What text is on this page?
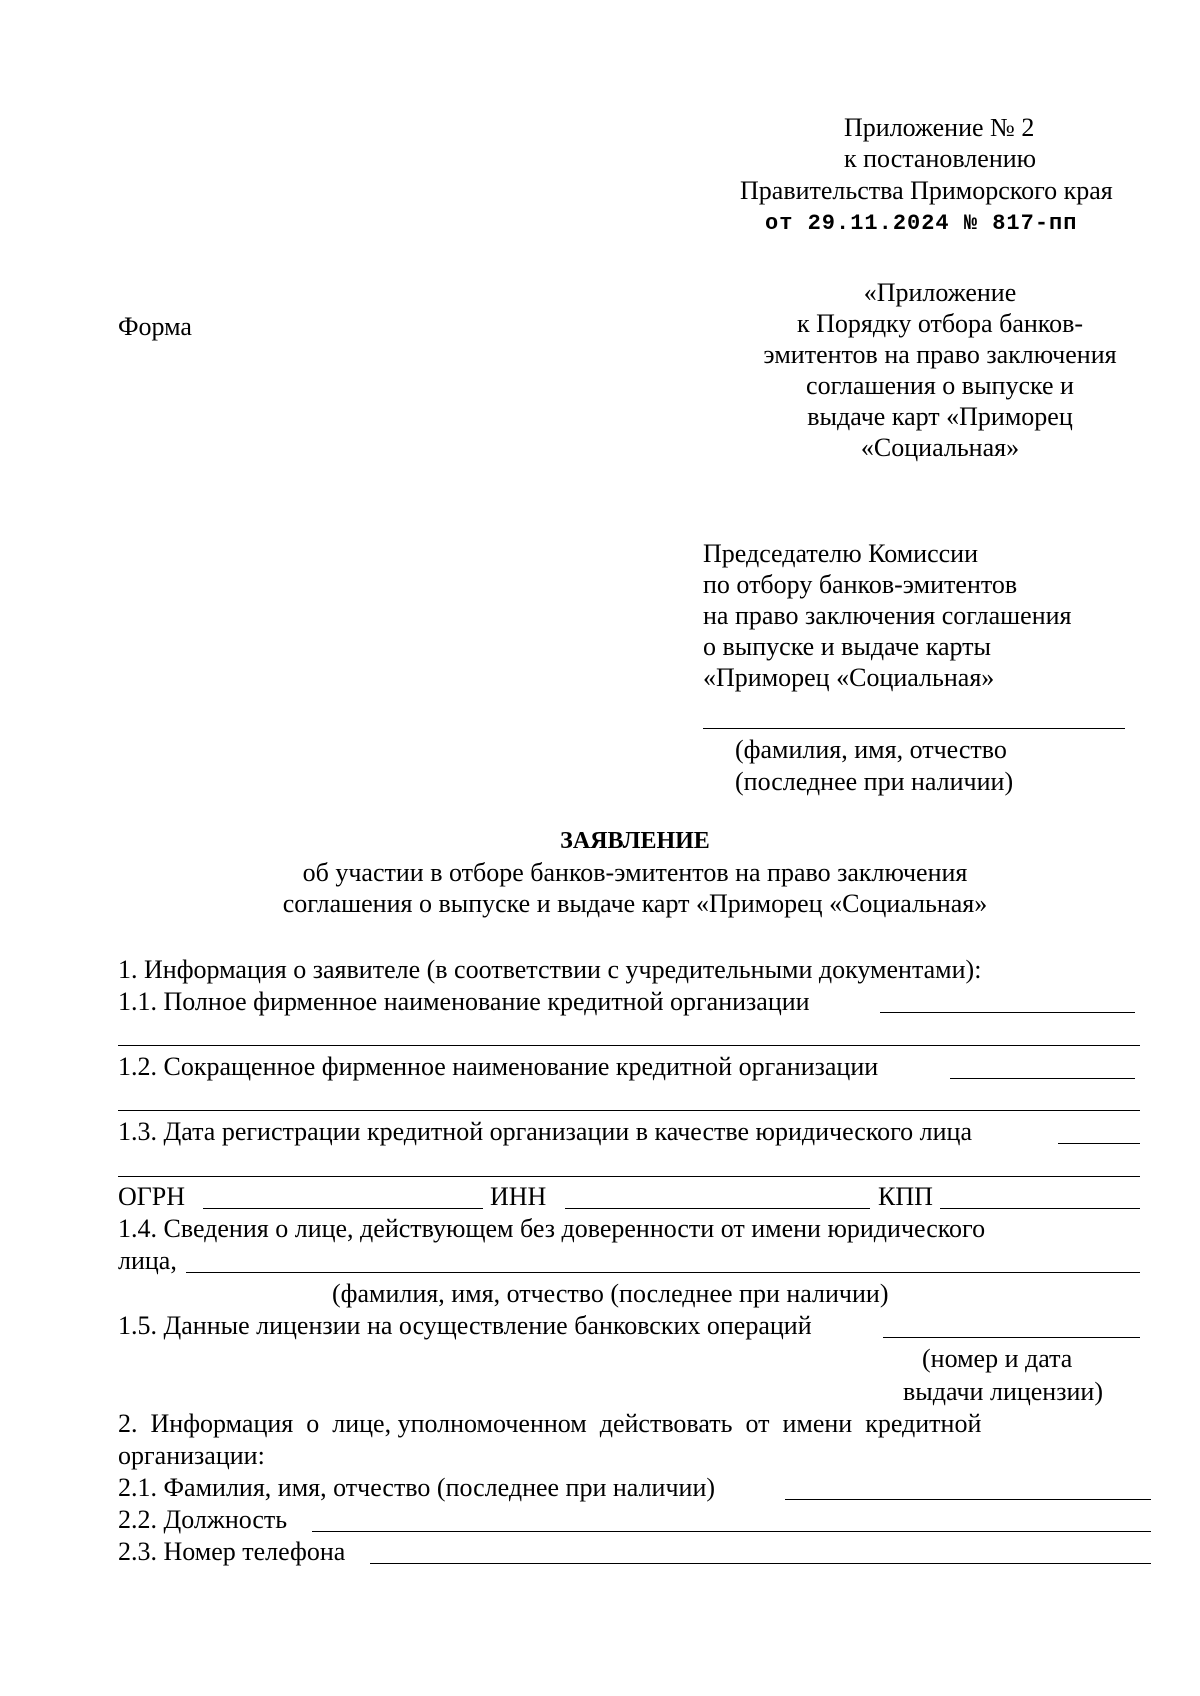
Приложение № 2
к постановлению
Правительства Приморского края
от 29.11.2024 № 817-пп
Форма
«Приложение
к Порядку отбора банков-
эмитентов на право заключения
соглашения о выпуске и
выдаче карт «Приморец
«Социальная»
Председателю Комиссии
по отбору банков-эмитентов
на право заключения соглашения
о выпуске и выдаче карты
«Приморец «Социальная»
(фамилия, имя, отчество
(последнее при наличии)
ЗАЯВЛЕНИЕ
об участии в отборе банков-эмитентов на право заключения
соглашения о выпуске и выдаче карт «Приморец «Социальная»
1. Информация о заявителе (в соответствии с учредительными документами):
1.1. Полное фирменное наименование кредитной организации
1.2. Сокращенное фирменное наименование кредитной организации
1.3. Дата регистрации кредитной организации в качестве юридического лица
ОГРН	ИНН	КПП
1.4. Сведения о лице, действующем без доверенности от имени юридического
лица,
(фамилия, имя, отчество (последнее при наличии)
1.5. Данные лицензии на осуществление банковских операций
(номер и дата
выдачи лицензии)
2.  Информация  о  лице, уполномоченном  действовать  от  имени  кредитной
организации:
2.1. Фамилия, имя, отчество (последнее при наличии)
2.2. Должность
2.3. Номер телефона
